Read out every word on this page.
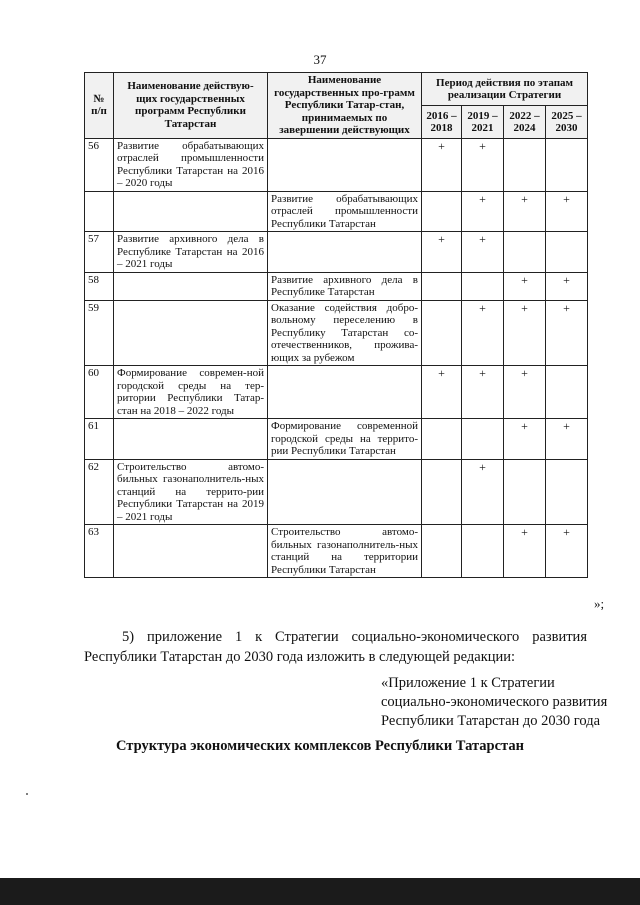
37
№ п/п	Наименование действую-щих государственных программ Республики Татарстан	Наименование государственных про-грамм Республики Татар-стан, принимаемых по завершении действующих	Период действия по этапам реализации Стратегии			
			2016 – 2018	2019 – 2021	2022 – 2024	2025 – 2030
56	Развитие обрабатывающих отраслей промышленности Республики Татарстан на 2016 – 2020 годы		+	+		
		Развитие обрабатывающих отраслей промышленности Республики Татарстан		+	+	+
57	Развитие архивного дела в Республике Татарстан на 2016 – 2021 годы		+	+		
58		Развитие архивного дела в Республике Татарстан			+	+
59		Оказание содействия добро-вольному переселению в Республику Татарстан со-отечественников, прожива-ющих за рубежом		+	+	+
60	Формирование современ-ной городской среды на тер-ритории Республики Татар-стан на 2018 – 2022 годы		+	+	+	
61		Формирование современной городской среды на террито-рии Республики Татарстан			+	+
62	Строительство автомо-бильных газонаполнитель-ных станций на террито-рии Республики Татарстан на 2019 – 2021 годы			+		
63		Строительство автомо-бильных газонаполнитель-ных станций на территории Республики Татарстан			+	+
»;
5) приложение 1 к Стратегии социально-экономического развития Республики Татарстан до 2030 года изложить в следующей редакции:
«Приложение 1 к Стратегии
социально-экономического развития
Республики Татарстан до 2030 года
Структура экономических комплексов Республики Татарстан
